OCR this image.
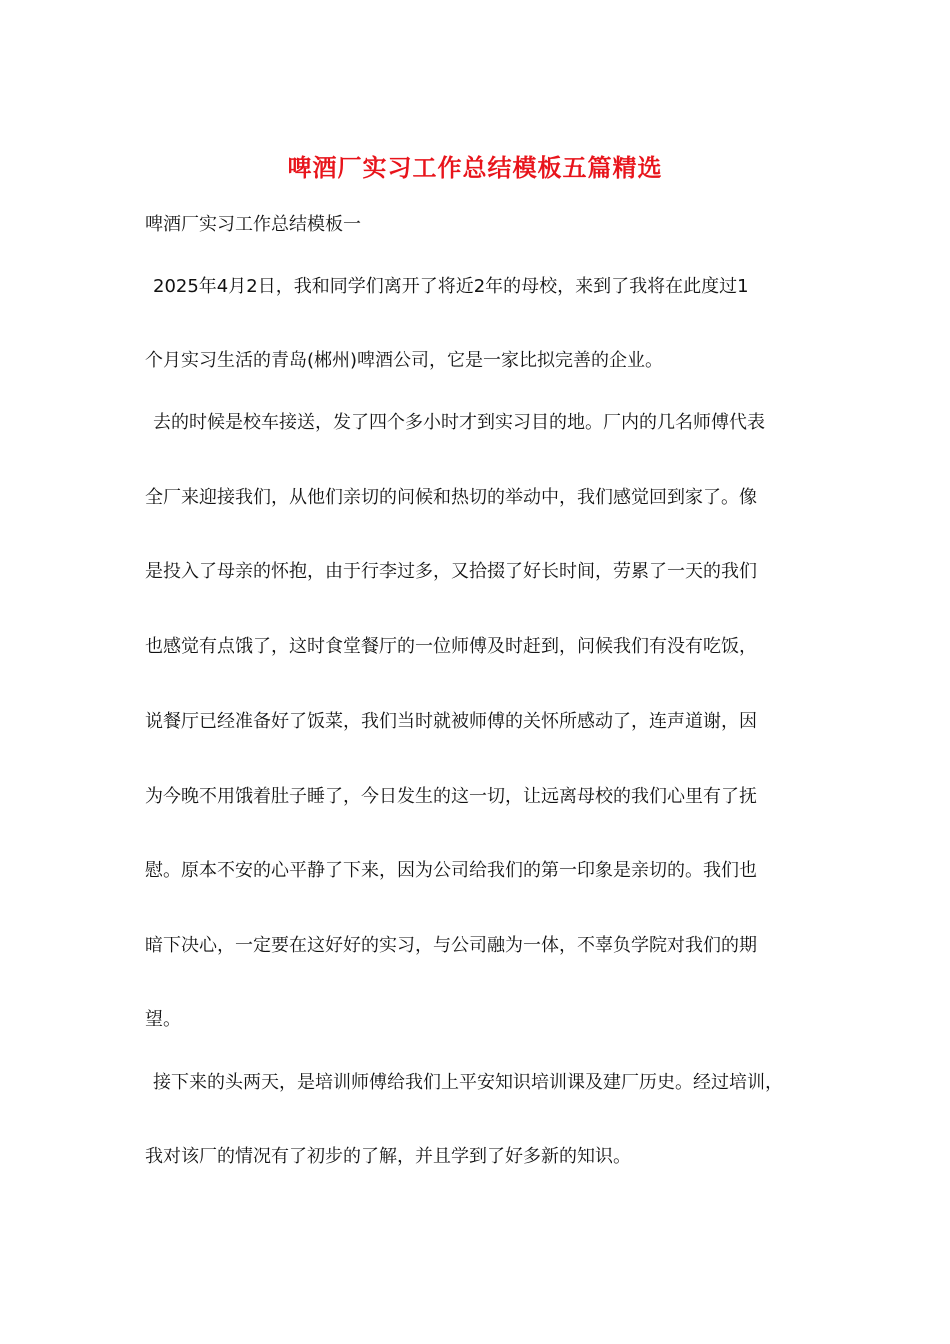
啤酒厂实习工作总结模板五篇精选
啤酒厂实习工作总结模板一
2025年4月2日，我和同学们离开了将近2年的母校，来到了我将在此度过1
个月实习生活的青岛(郴州)啤酒公司，它是一家比拟完善的企业。
去的时候是校车接送，发了四个多小时才到实习目的地。厂内的几名师傅代表
全厂来迎接我们，从他们亲切的问候和热切的举动中，我们感觉回到家了。像
是投入了母亲的怀抱，由于行李过多，又拾掇了好长时间，劳累了一天的我们
也感觉有点饿了，这时食堂餐厅的一位师傅及时赶到，问候我们有没有吃饭，
说餐厅已经准备好了饭菜，我们当时就被师傅的关怀所感动了，连声道谢，因
为今晚不用饿着肚子睡了，今日发生的这一切，让远离母校的我们心里有了抚
慰。原本不安的心平静了下来，因为公司给我们的第一印象是亲切的。我们也
暗下决心，一定要在这好好的实习，与公司融为一体，不辜负学院对我们的期
望。
接下来的头两天，是培训师傅给我们上平安知识培训课及建厂历史。经过培训，
我对该厂的情况有了初步的了解，并且学到了好多新的知识。
